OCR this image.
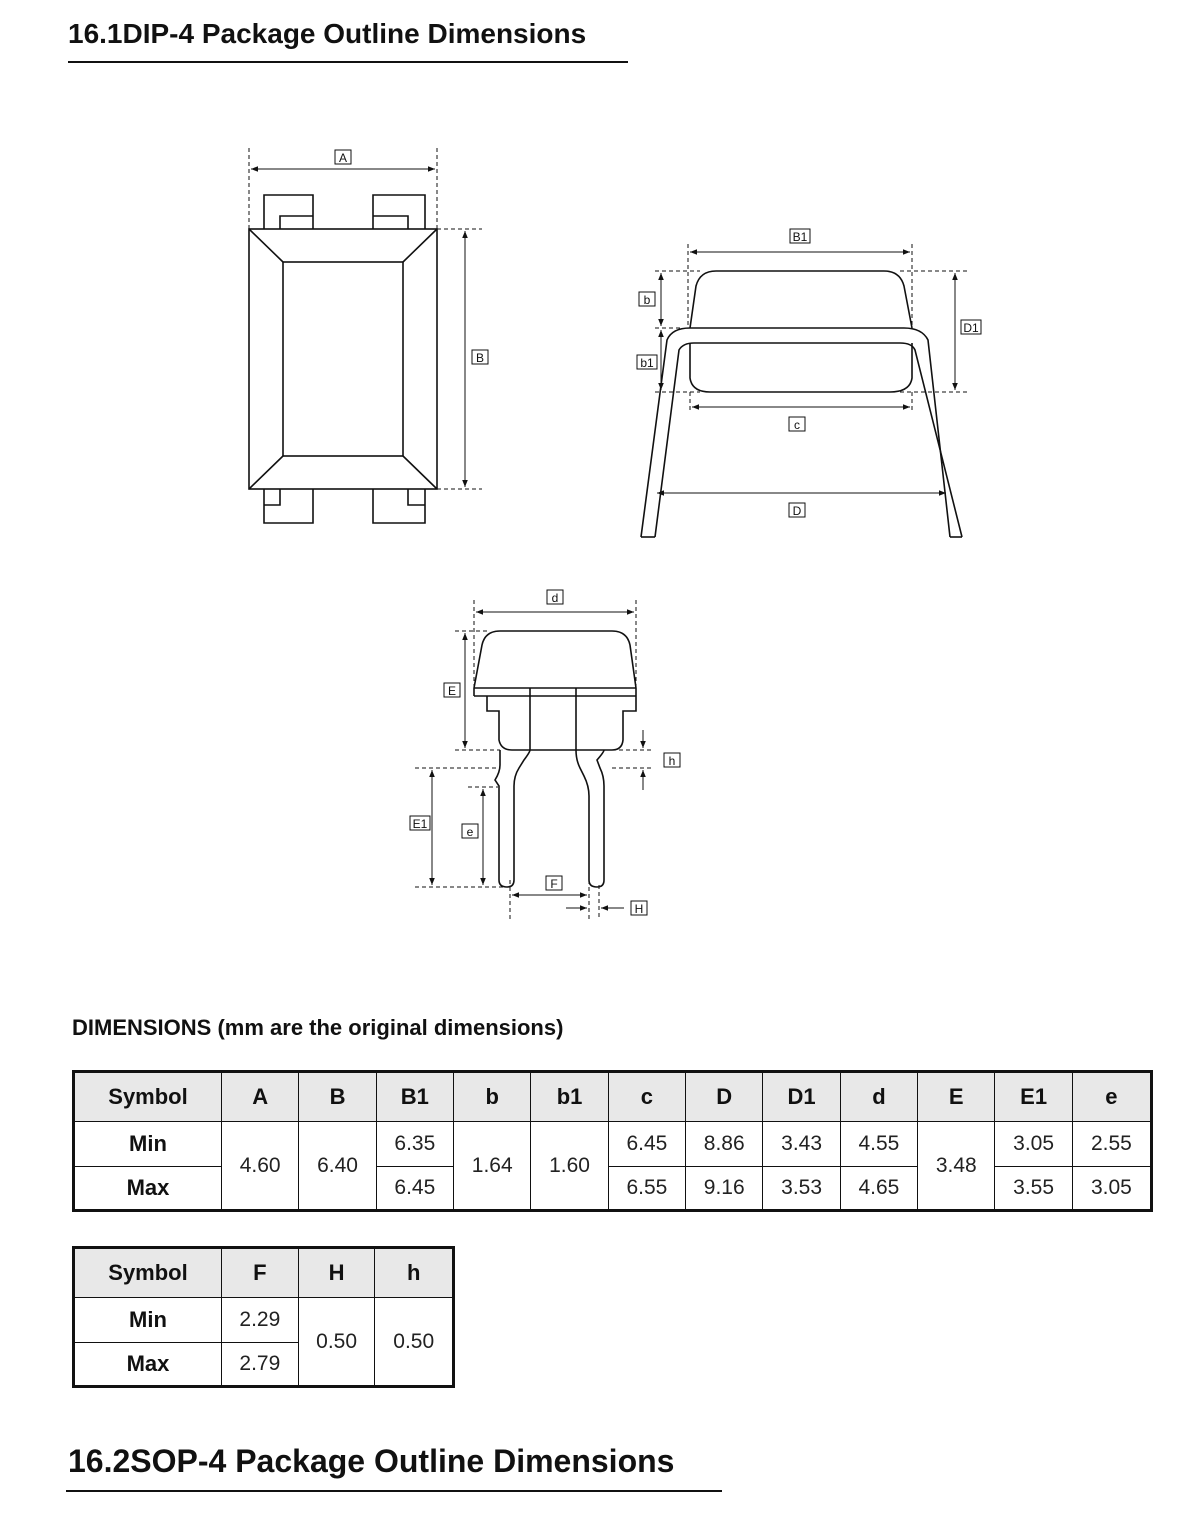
16.1DIP-4 Package Outline Dimensions
A
B
B1
b
b1
D1
c
D
d
E
h
E1
e
F
H
DIMENSIONS (mm are the original dimensions)
Symbol	A	B	B1	b	b1	c	D	D1	d	E	E1	e
Min	4.60	6.40	6.35	1.64	1.60	6.45	8.86	3.43	4.55	3.48	3.05	2.55
Max			6.45			6.55	9.16	3.53	4.65		3.55	3.05
Symbol	F	H	h
Min	2.29	0.50	0.50
Max	2.79		
16.2SOP-4 Package Outline Dimensions
